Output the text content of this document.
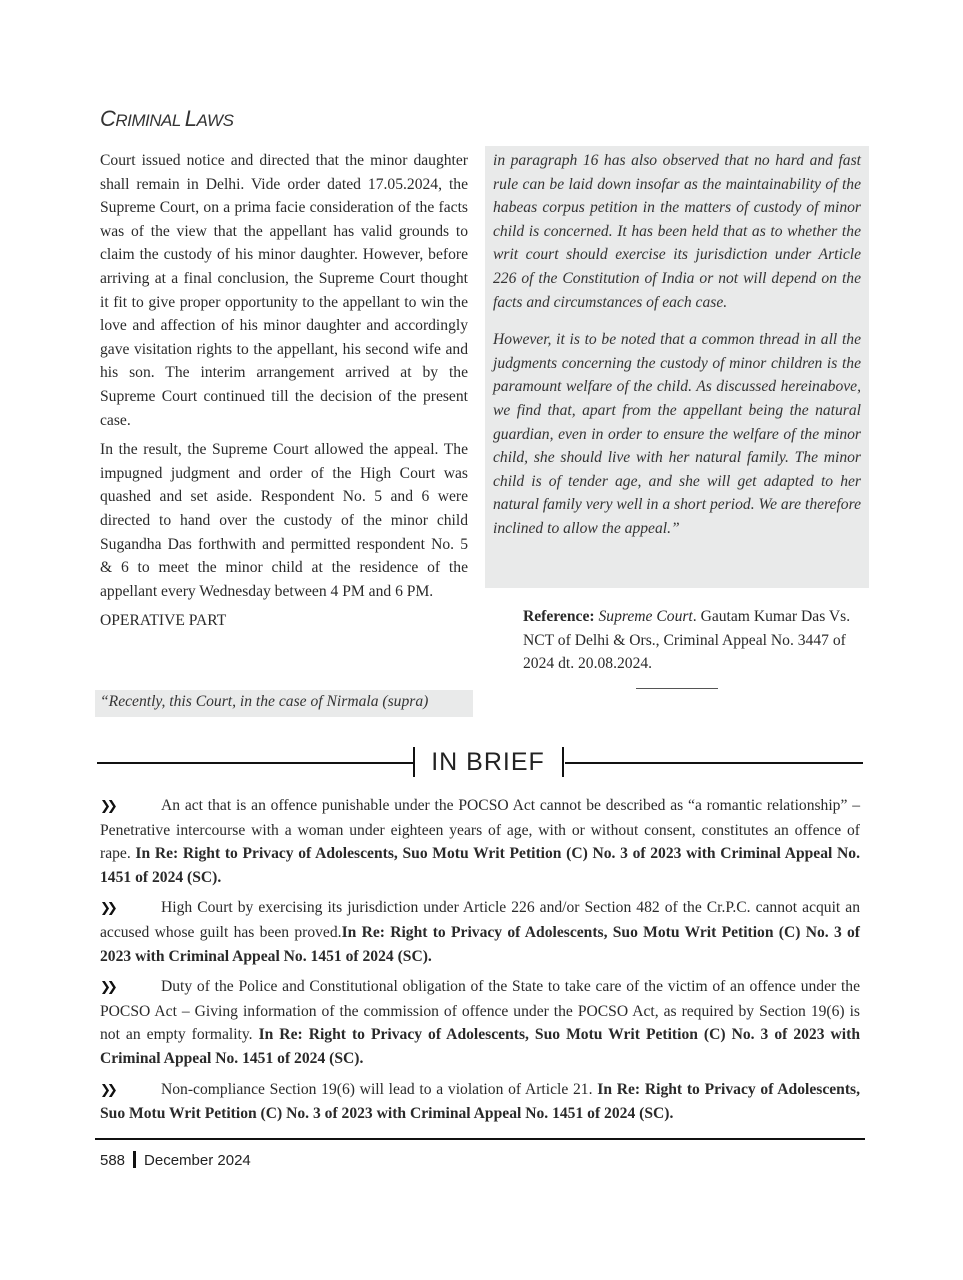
CRIMINAL LAWS

Court issued notice and directed that the minor daughter shall remain in Delhi. Vide order dated 17.05.2024, the Supreme Court, on a prima facie consideration of the facts was of the view that the appellant has valid grounds to claim the custody of his minor daughter. However, before arriving at a final conclusion, the Supreme Court thought it fit to give proper opportunity to the appellant to win the love and affection of his minor daughter and accordingly gave visitation rights to the appellant, his second wife and his son. The interim arrangement arrived at by the Supreme Court continued till the decision of the present case.

In the result, the Supreme Court allowed the appeal. The impugned judgment and order of the High Court was quashed and set aside. Respondent No. 5 and 6 were directed to hand over the custody of the minor child Sugandha Das forthwith and permitted respondent No. 5 & 6 to meet the minor child at the residence of the appellant every Wednesday between 4 PM and 6 PM.

OPERATIVE PART

“Recently, this Court, in the case of Nirmala (supra)

in paragraph 16 has also observed that no hard and fast rule can be laid down insofar as the maintainability of the habeas corpus petition in the matters of custody of minor child is concerned. It has been held that as to whether the writ court should exercise its jurisdiction under Article 226 of the Constitution of India or not will depend on the facts and circumstances of each case.

However, it is to be noted that a common thread in all the judgments concerning the custody of minor children is the paramount welfare of the child. As discussed hereinabove, we find that, apart from the appellant being the natural guardian, even in order to ensure the welfare of the minor child, she should live with her natural family. The minor child is of tender age, and she will get adapted to her natural family very well in a short period. We are therefore inclined to allow the appeal.”

Reference: Supreme Court. Gautam Kumar Das Vs. NCT of Delhi & Ors., Criminal Appeal No. 3447 of 2024 dt. 20.08.2024.
IN BRIEF
❯❯	An act that is an offence punishable under the POCSO Act cannot be described as “a romantic relationship” – Penetrative intercourse with a woman under eighteen years of age, with or without consent, constitutes an offence of rape. In Re: Right to Privacy of Adolescents, Suo Motu Writ Petition (C) No. 3 of 2023 with Criminal Appeal No. 1451 of 2024 (SC).
❯❯	High Court by exercising its jurisdiction under Article 226 and/or Section 482 of the Cr.P.C. cannot acquit an accused whose guilt has been proved.In Re: Right to Privacy of Adolescents, Suo Motu Writ Petition (C) No. 3 of 2023 with Criminal Appeal No. 1451 of 2024 (SC).
❯❯	Duty of the Police and Constitutional obligation of the State to take care of the victim of an offence under the POCSO Act – Giving information of the commission of offence under the POCSO Act, as required by Section 19(6) is not an empty formality. In Re: Right to Privacy of Adolescents, Suo Motu Writ Petition (C) No. 3 of 2023 with Criminal Appeal No. 1451 of 2024 (SC).
❯❯	Non-compliance Section 19(6) will lead to a violation of Article 21. In Re: Right to Privacy of Adolescents, Suo Motu Writ Petition (C) No. 3 of 2023 with Criminal Appeal No. 1451 of 2024 (SC).
588 December 2024
